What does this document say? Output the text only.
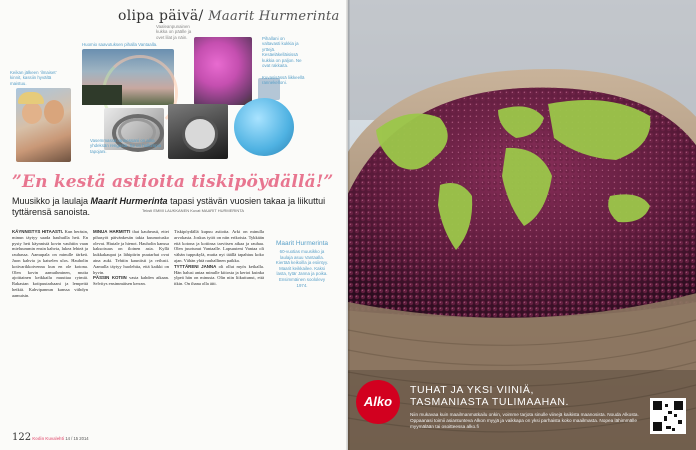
olipa päivä/ Maarit Hurmerinta
Keikan jälkeen ‘ilmaiset’ kinnit, kassiin hyvältä maistuu.
Huomio saavutuksen pihalla Vantaalla.
Vaaleanpunainen kukka on päälle ja ovet lilat ja näin.	Pihallani on valtavasti kukkia ja yrttejä. Kesäeläkelläisissä kukkia on paljon. Ne ovat rakkaita.
Kuvasisässä liikkeellä rannekelloni.
Vasemmassa rannessani on aina yhdeksän rengasta. Se on hullumpia tapojani.
”En kestä astioita tiskipöydällä!”
Muusikko ja laulaja Maarit Hurmerinta tapasi ystävän vuosien takaa ja liikuttui tyttärensä sanoista.	Teksti EMMI LAUKKANEN Kuvat MAARIT HURMERINTA
KÄYNNISTYS HITAASTI. Kun heräsin, minun täytyy saada hauhuilla heti. En pysty heti käynnistä kovin vauhtiin vaan mieluummin ensin kahvia, lukea lehteä ja rauhassa. Aamupala on minulle tärkeä. Juon kahvia ja katselen ulos. Hauholin kotivarikkoivenna kun en ole kotona. Olen kovin aamuihminen, mutta ajoittainen keikkailu muuttaa rytmiä. Rakastan kotipuutarhaani ja lempeitä hetkiä. Kahvipannun kanssa viihdyn aamuisin.
MINUA HARMITTI that kauheasti, ettei pihasyöt päivänkesän takia kuumotusko olevat. Hiutale ja hienot. Hauholin kanssa kaksoisuus on iloinen asia. Kyllä kukkakaupat ja lähipiirin puutarhat ovat aina auki. Tehtiin kauniisti ja reilusti. Aamulla täytyy huolehtia, että kaikki on hyvin.
PÄSSIN KOTIIN vasta kahden aikaan. Selvitys ensimmäisen kerran.
Tiskipöydällä kupuu astioita. Arki on minulla arvokasta. Joskus tytöt on niin erikoisia. Tykkään että kotona ja kotiinsa tarvitsen aikaa ja rauhaa. Olen juurtunut Vantaalle. Lapsuuteni Vantaa oli vähän tuppukylä, mutta nyt täällä tapahtuu koko ajan. Vähän yhtä rauhallinen paikka.
TYTTÄRENI JANNA oli ollut myös keikalla. Hän halusi antaa minulle kiitosta ja kertoi kuinka ylpeä hän on minusta. Olin niin liikuttunut, että itkin. On ihana olla äiti.
Maarit Hurmerinta
60-vuotias muusikko ja laulaja asuu Vantaalla. Kiertää keikoilla ja esiintyy. Maarit keikkailee. Kaksi lasta, tytär Janna ja poika. Ensimmäinen soololevy 1974.
122 Kodin Kuvalehti 14 / 15 2014
Alko
TUHAT JA YKSI VIINIÄ,
TASMANIASTA TULIMAAHAN.
Niin mukavaa kuin maailmanmatkailu onkin, voimme tarjota sinulle viinejä kaikista maanosista. Nouda Alkosta. Oppaanasi toimii asiantunteva Alkon myyjä ja vaikkapa on yksi parhaista koko maailmasta. Nopea lähimmälle myymälään tai osoitteessa alko.fi
